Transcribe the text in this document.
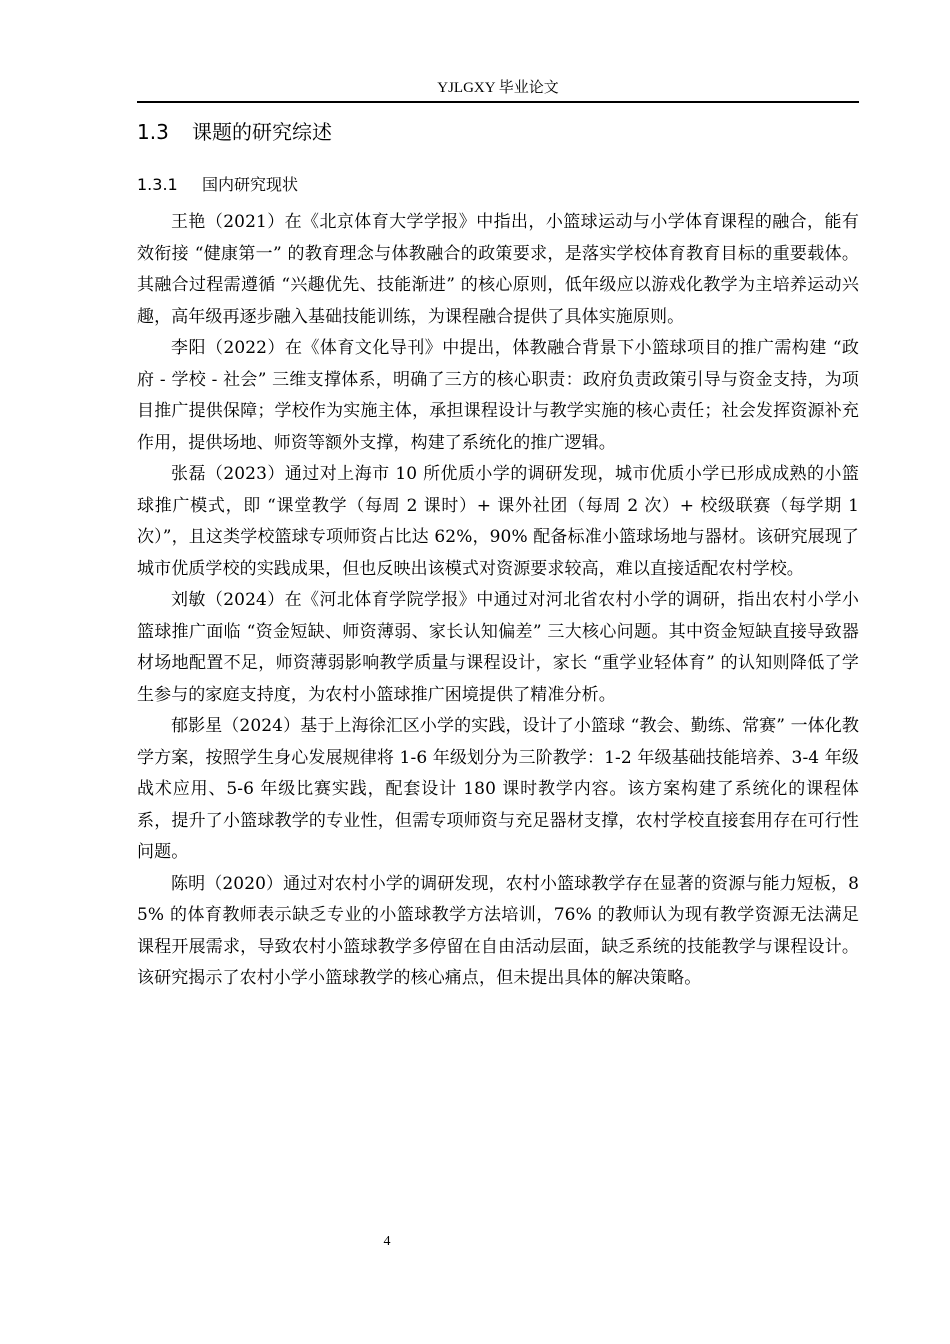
YJLGXY 毕业论文
1.3 课题的研究综述
1.3.1 国内研究现状

王艳（2021）在《北京体育大学学报》中指出，小篮球运动与小学体育课程的融合，能有效衔接 “健康第一” 的教育理念与体教融合的政策要求，是落实学校体育教育目标的重要载体。其融合过程需遵循 “兴趣优先、技能渐进” 的核心原则，低年级应以游戏化教学为主培养运动兴趣，高年级再逐步融入基础技能训练，为课程融合提供了具体实施原则。

李阳（2022）在《体育文化导刊》中提出，体教融合背景下小篮球项目的推广需构建 “政府 - 学校 - 社会” 三维支撑体系，明确了三方的核心职责：政府负责政策引导与资金支持，为项目推广提供保障；学校作为实施主体，承担课程设计与教学实施的核心责任；社会发挥资源补充作用，提供场地、师资等额外支撑，构建了系统化的推广逻辑。

张磊（2023）通过对上海市 10 所优质小学的调研发现，城市优质小学已形成成熟的小篮球推广模式，即 “课堂教学（每周 2 课时）+ 课外社团（每周 2 次）+ 校级联赛（每学期 1 次）”，且这类学校篮球专项师资占比达 62%，90% 配备标准小篮球场地与器材。该研究展现了城市优质学校的实践成果，但也反映出该模式对资源要求较高，难以直接适配农村学校。

刘敏（2024）在《河北体育学院学报》中通过对河北省农村小学的调研，指出农村小学小篮球推广面临 “资金短缺、师资薄弱、家长认知偏差” 三大核心问题。其中资金短缺直接导致器材场地配置不足，师资薄弱影响教学质量与课程设计，家长 “重学业轻体育” 的认知则降低了学生参与的家庭支持度，为农村小篮球推广困境提供了精准分析。

郁影星（2024）基于上海徐汇区小学的实践，设计了小篮球 “教会、勤练、常赛” 一体化教学方案，按照学生身心发展规律将 1-6 年级划分为三阶教学：1-2 年级基础技能培养、3-4 年级战术应用、5-6 年级比赛实践，配套设计 180 课时教学内容。该方案构建了系统化的课程体系，提升了小篮球教学的专业性，但需专项师资与充足器材支撑，农村学校直接套用存在可行性问题。

陈明（2020）通过对农村小学的调研发现，农村小篮球教学存在显著的资源与能力短板，85% 的体育教师表示缺乏专业的小篮球教学方法培训，76% 的教师认为现有教学资源无法满足课程开展需求，导致农村小篮球教学多停留在自由活动层面，缺乏系统的技能教学与课程设计。该研究揭示了农村小学小篮球教学的核心痛点，但未提出具体的解决策略。

4
